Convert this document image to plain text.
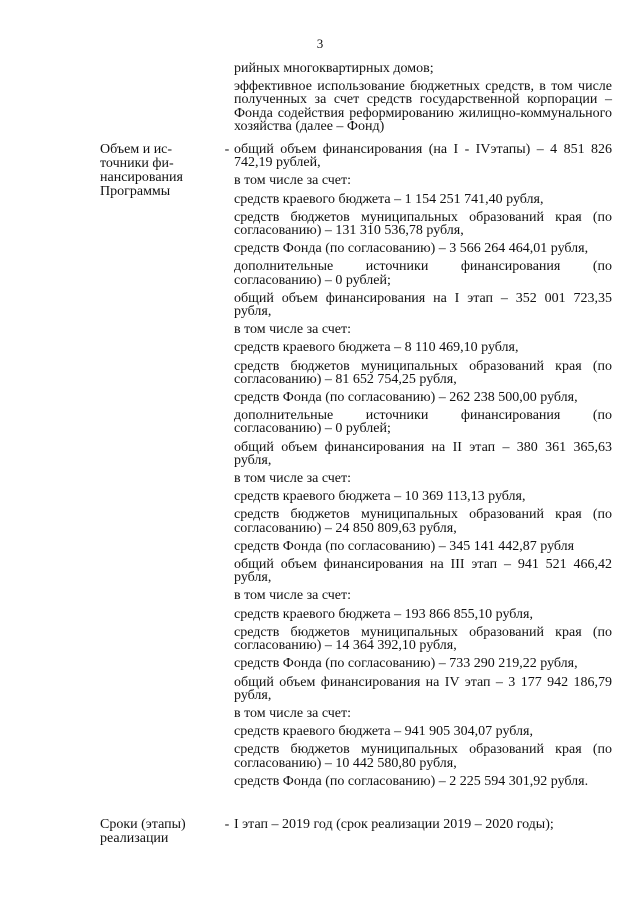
3

рийных многоквартирных домов;

эффективное использование бюджетных средств, в том числе полученных за счет средств государственной корпорации – Фонда содействия реформированию жилищно-коммунального хозяйства (далее – Фонд)

Объем и ис-
точники фи-
нансирования
Программы
- общий объем финансирования (на I - IVэтапы) – 4 851 826 742,19 рублей,

в том числе за счет:

средств краевого бюджета – 1 154 251 741,40 рубля,

средств бюджетов муниципальных образований края (по согласованию) – 131 310 536,78 рубля,

средств Фонда (по согласованию) – 3 566 264 464,01 рубля,

дополнительные источники финансирования (по согласованию) – 0 рублей;

общий объем финансирования на I этап – 352 001 723,35 рубля,

в том числе за счет:

средств краевого бюджета – 8 110 469,10 рубля,

средств бюджетов муниципальных образований края (по согласованию) – 81 652 754,25 рубля,

средств Фонда (по согласованию) – 262 238 500,00 рубля,

дополнительные источники финансирования (по согласованию) – 0 рублей;

общий объем финансирования на II этап – 380 361 365,63 рубля,

в том числе за счет:

средств краевого бюджета – 10 369 113,13 рубля,

средств бюджетов муниципальных образований края (по согласованию) – 24 850 809,63 рубля,

средств Фонда (по согласованию) – 345 141 442,87 рубля

общий объем финансирования на III этап – 941 521 466,42 рубля,

в том числе за счет:

средств краевого бюджета – 193 866 855,10 рубля,

средств бюджетов муниципальных образований края (по согласованию) – 14 364 392,10 рубля,

средств Фонда (по согласованию) – 733 290 219,22 рубля,

общий объем финансирования на IV этап – 3 177 942 186,79 рубля,

в том числе за счет:

средств краевого бюджета – 941 905 304,07 рубля,

средств бюджетов муниципальных образований края (по согласованию) – 10 442 580,80 рубля,

средств Фонда (по согласованию) – 2 225 594 301,92 рубля.

Сроки (этапы)
реализации
- I этап – 2019 год (срок реализации 2019 – 2020 годы);
